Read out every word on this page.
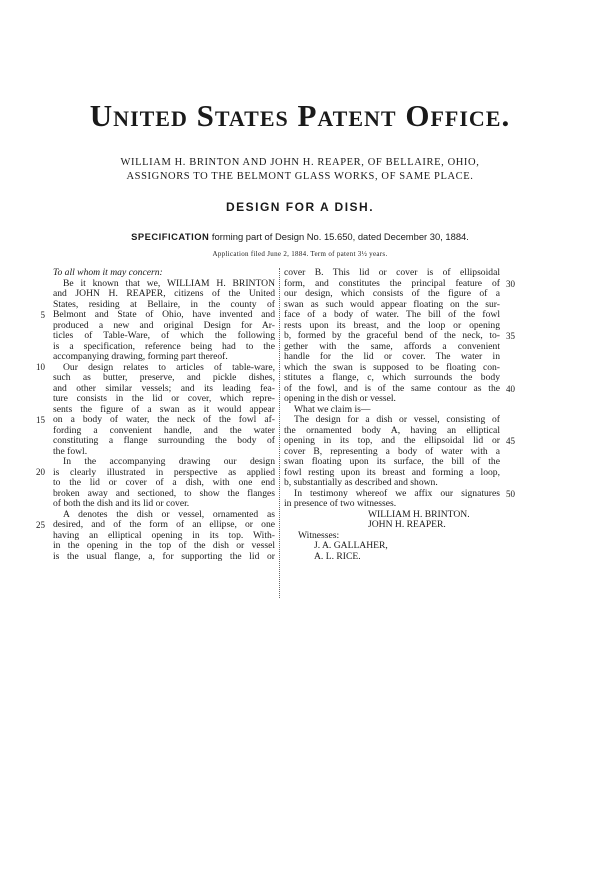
United States Patent Office.
WILLIAM H. BRINTON AND JOHN H. REAPER, OF BELLAIRE, OHIO,
ASSIGNORS TO THE BELMONT GLASS WORKS, OF SAME PLACE.
DESIGN FOR A DISH.
SPECIFICATION forming part of Design No. 15.650, dated December 30, 1884.
Application filed June 2, 1884. Term of patent 3½ years.
To all whom it may concern:
Be it known that we, WILLIAM H. BRINTON
and JOHN H. REAPER, citizens of the United
States, residing at Bellaire, in the county of
Belmont and State of Ohio, have invented and
produced a new and original Design for Ar-
ticles of Table-Ware, of which the following
is a specification, reference being had to the
accompanying drawing, forming part thereof.
Our design relates to articles of table-ware,
such as butter, preserve, and pickle dishes,
and other similar vessels; and its leading fea-
ture consists in the lid or cover, which repre-
sents the figure of a swan as it would appear
on a body of water, the neck of the fowl af-
fording a convenient handle, and the water
constituting a flange surrounding the body of
the fowl.
In the accompanying drawing our design
is clearly illustrated in perspective as applied
to the lid or cover of a dish, with one end
broken away and sectioned, to show the flanges
of both the dish and its lid or cover.
A denotes the dish or vessel, ornamented as
desired, and of the form of an ellipse, or one
having an elliptical opening in its top. With-
in the opening in the top of the dish or vessel
is the usual flange, a, for supporting the lid or
cover B. This lid or cover is of ellipsoidal
form, and constitutes the principal feature of
our design, which consists of the figure of a
swan as such would appear floating on the sur-
face of a body of water. The bill of the fowl
rests upon its breast, and the loop or opening
b, formed by the graceful bend of the neck, to-
gether with the same, affords a convenient
handle for the lid or cover. The water in
which the swan is supposed to be floating con-
stitutes a flange, c, which surrounds the body
of the fowl, and is of the same contour as the
opening in the dish or vessel.
What we claim is—
The design for a dish or vessel, consisting of
the ornamented body A, having an elliptical
opening in its top, and the ellipsoidal lid or
cover B, representing a body of water with a
swan floating upon its surface, the bill of the
fowl resting upon its breast and forming a loop,
b, substantially as described and shown.
In testimony whereof we affix our signatures
in presence of two witnesses.
WILLIAM H. BRINTON.
JOHN H. REAPER.
Witnesses:
J. A. GALLAHER,
A. L. RICE.
5
10
15
20
25
30
35
40
45
50
